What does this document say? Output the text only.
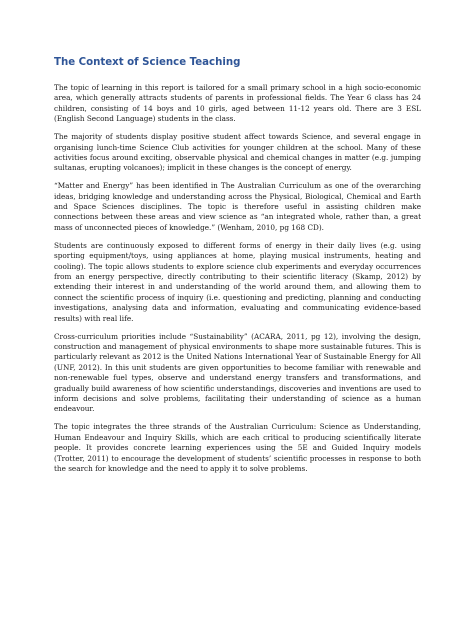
The Context of Science Teaching

The topic of learning in this report is tailored for a small primary school in a high socio-economic area, which generally attracts students of parents in professional fields. The Year 6 class has 24 children, consisting of 14 boys and 10 girls, aged between 11-12 years old. There are 3 ESL (English Second Language) students in the class.

The majority of students display positive student affect towards Science, and several engage in organising lunch-time Science Club activities for younger children at the school. Many of these activities focus around exciting, observable physical and chemical changes in matter (e.g. jumping sultanas, erupting volcanoes); implicit in these changes is the concept of energy.

“Matter and Energy” has been identified in The Australian Curriculum as one of the overarching ideas, bridging knowledge and understanding across the Physical, Biological, Chemical and Earth and Space Sciences disciplines. The topic is therefore useful in assisting children make connections between these areas and view science as “an integrated whole, rather than, a great mass of unconnected pieces of knowledge.” (Wenham, 2010, pg 168 CD).

Students are continuously exposed to different forms of energy in their daily lives (e.g. using sporting equipment/toys, using appliances at home, playing musical instruments, heating and cooling). The topic allows students to explore science club experiments and everyday occurrences from an energy perspective, directly contributing to their scientific literacy (Skamp, 2012) by extending their interest in and understanding of the world around them, and allowing them to connect the scientific process of inquiry (i.e. questioning and predicting, planning and conducting investigations, analysing data and information, evaluating and communicating evidence-based results) with real life.

Cross-curriculum priorities include “Sustainability” (ACARA, 2011, pg 12), involving the design, construction and management of physical environments to shape more sustainable futures. This is particularly relevant as 2012 is the United Nations International Year of Sustainable Energy for All (UNF, 2012). In this unit students are given opportunities to become familiar with renewable and non-renewable fuel types, observe and understand energy transfers and transformations, and gradually build awareness of how scientific understandings, discoveries and inventions are used to inform decisions and solve problems, facilitating their understanding of science as a human endeavour.

The topic integrates the three strands of the Australian Curriculum: Science as Understanding, Human Endeavour and Inquiry Skills, which are each critical to producing scientifically literate people. It provides concrete learning experiences using the 5E and Guided Inquiry models (Trotter, 2011) to encourage the development of students’ scientific processes in response to both the search for knowledge and the need to apply it to solve problems.
